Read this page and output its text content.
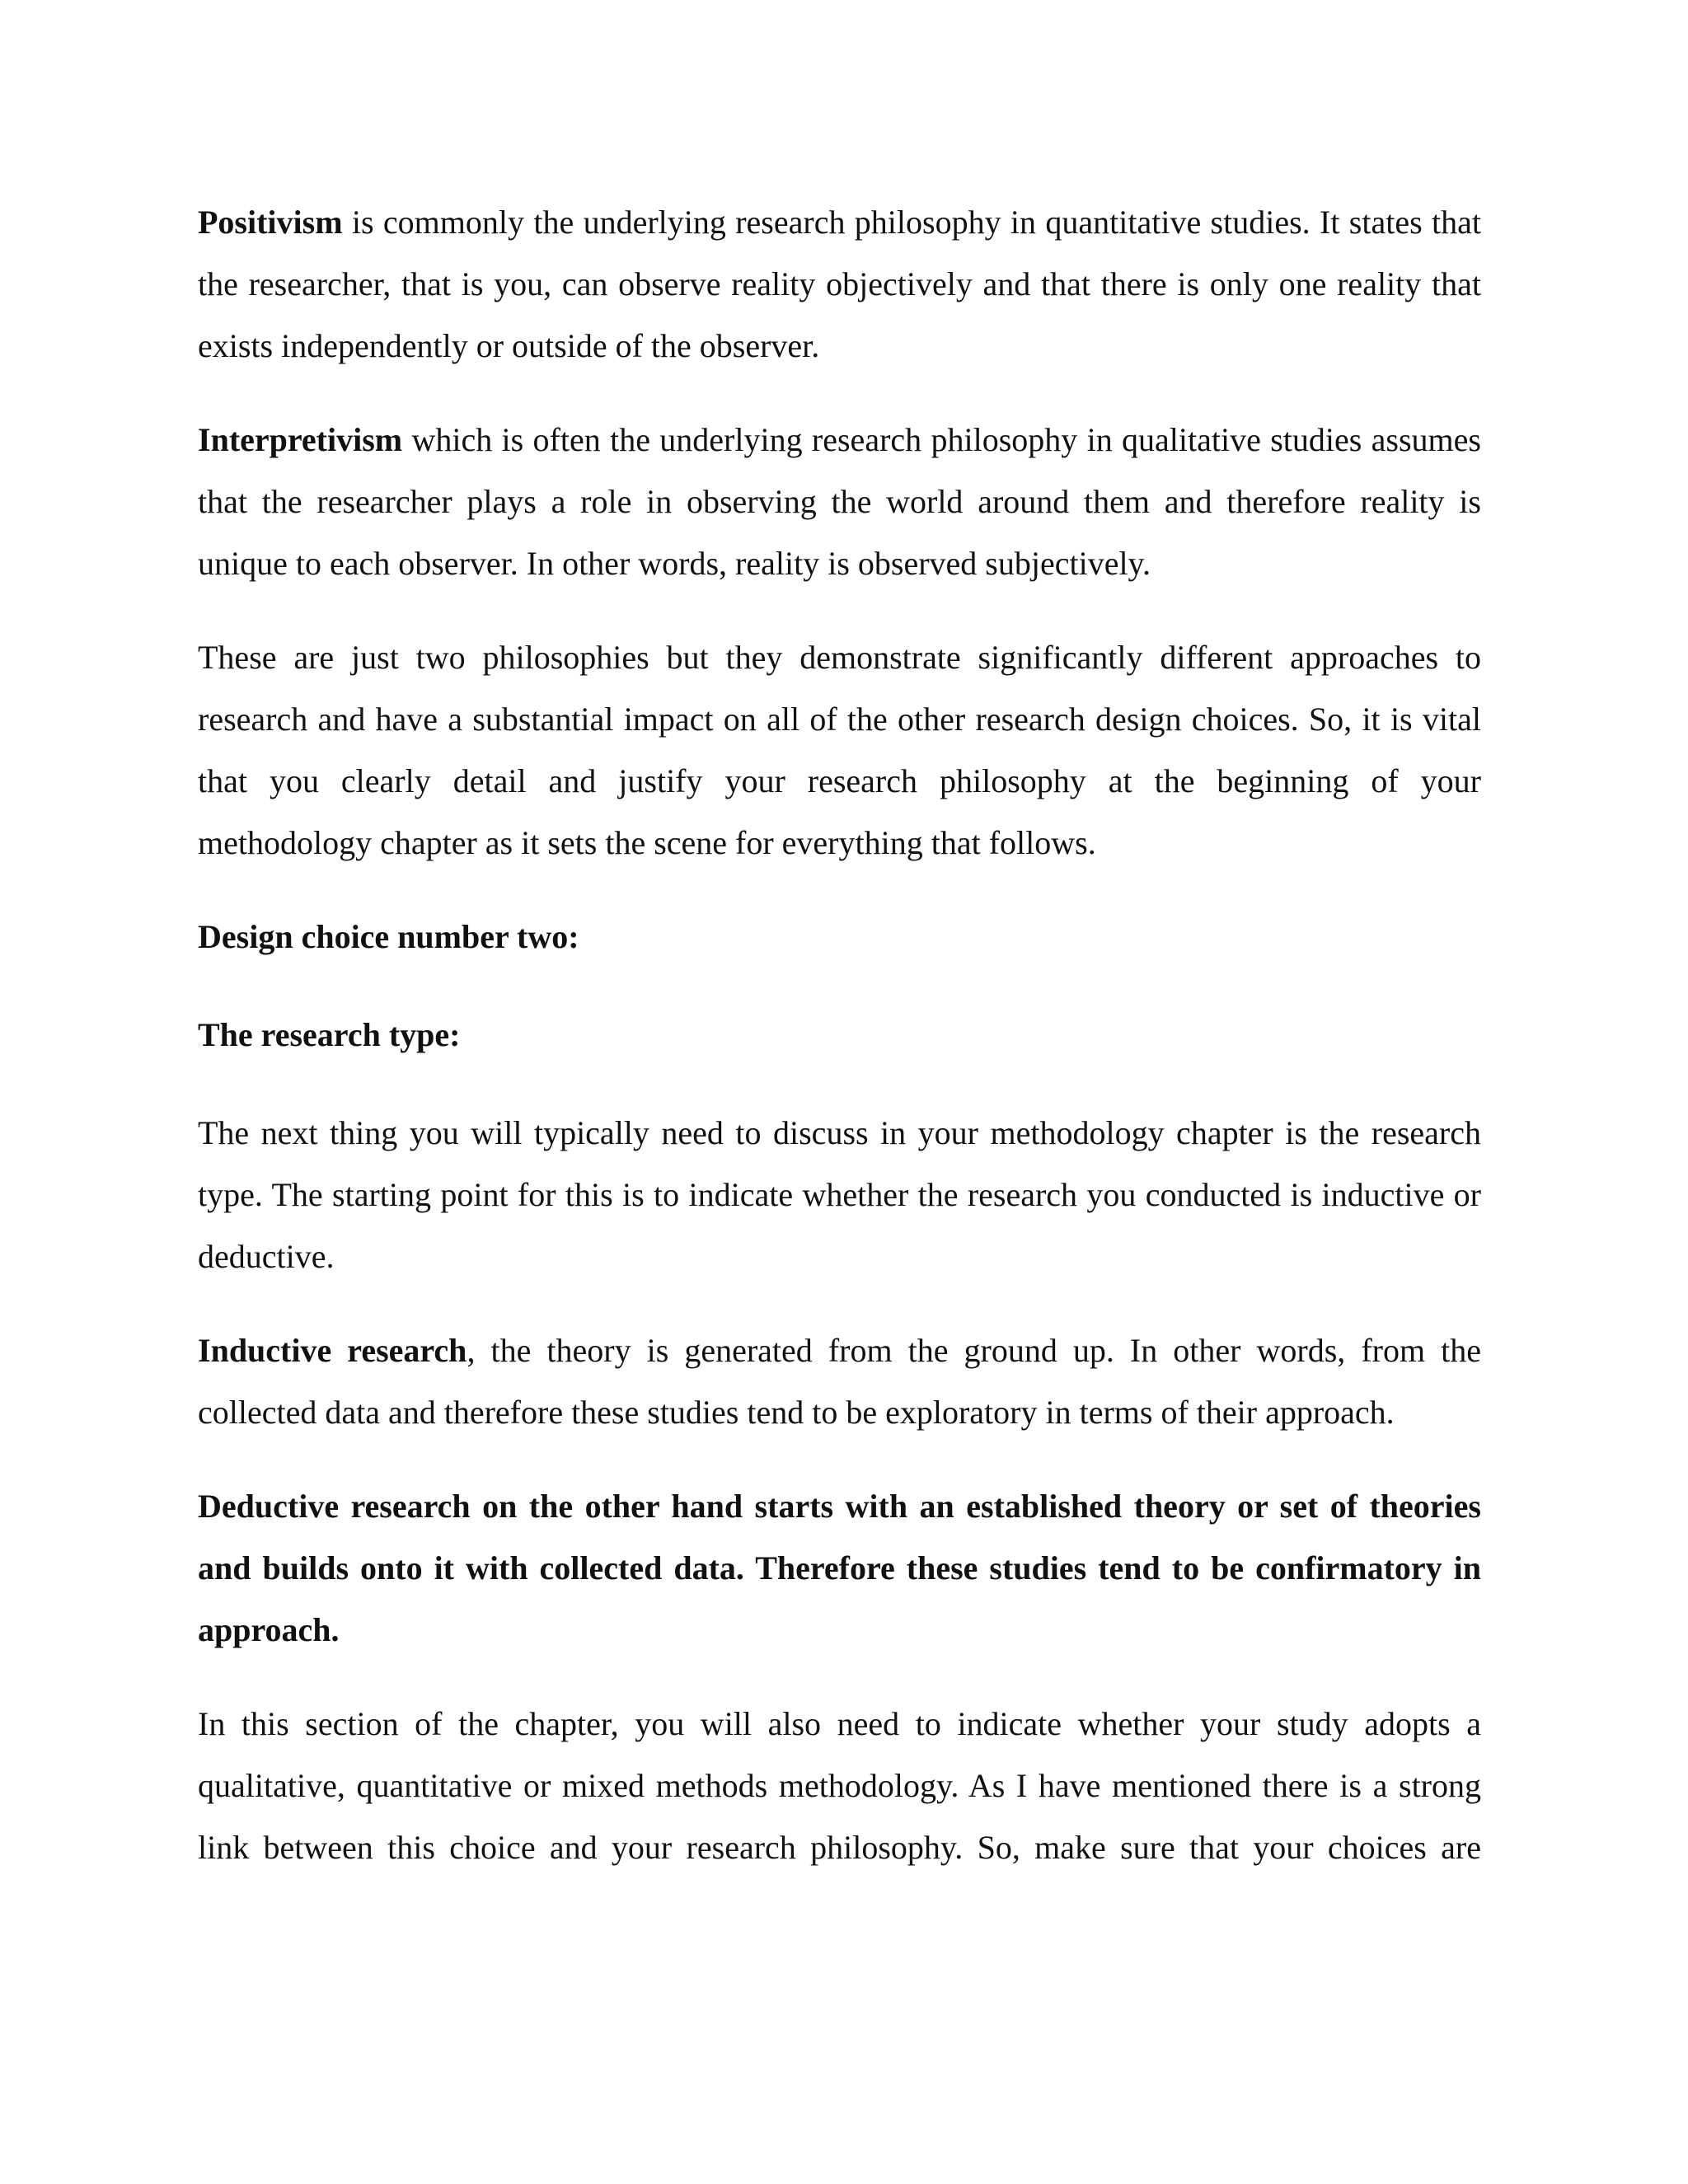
Positivism is commonly the underlying research philosophy in quantitative studies. It states that the researcher, that is you, can observe reality objectively and that there is only one reality that exists independently or outside of the observer.

Interpretivism which is often the underlying research philosophy in qualitative studies assumes that the researcher plays a role in observing the world around them and therefore reality is unique to each observer. In other words, reality is observed subjectively.

These are just two philosophies but they demonstrate significantly different approaches to research and have a substantial impact on all of the other research design choices. So, it is vital that you clearly detail and justify your research philosophy at the beginning of your methodology chapter as it sets the scene for everything that follows.

Design choice number two:

The research type:

The next thing you will typically need to discuss in your methodology chapter is the research type. The starting point for this is to indicate whether the research you conducted is inductive or deductive.

Inductive research, the theory is generated from the ground up. In other words, from the collected data and therefore these studies tend to be exploratory in terms of their approach.

Deductive research on the other hand starts with an established theory or set of theories and builds onto it with collected data. Therefore these studies tend to be confirmatory in approach.

In this section of the chapter, you will also need to indicate whether your study adopts a qualitative, quantitative or mixed methods methodology. As I have mentioned there is a strong link between this choice and your research philosophy. So, make sure that your choices are
